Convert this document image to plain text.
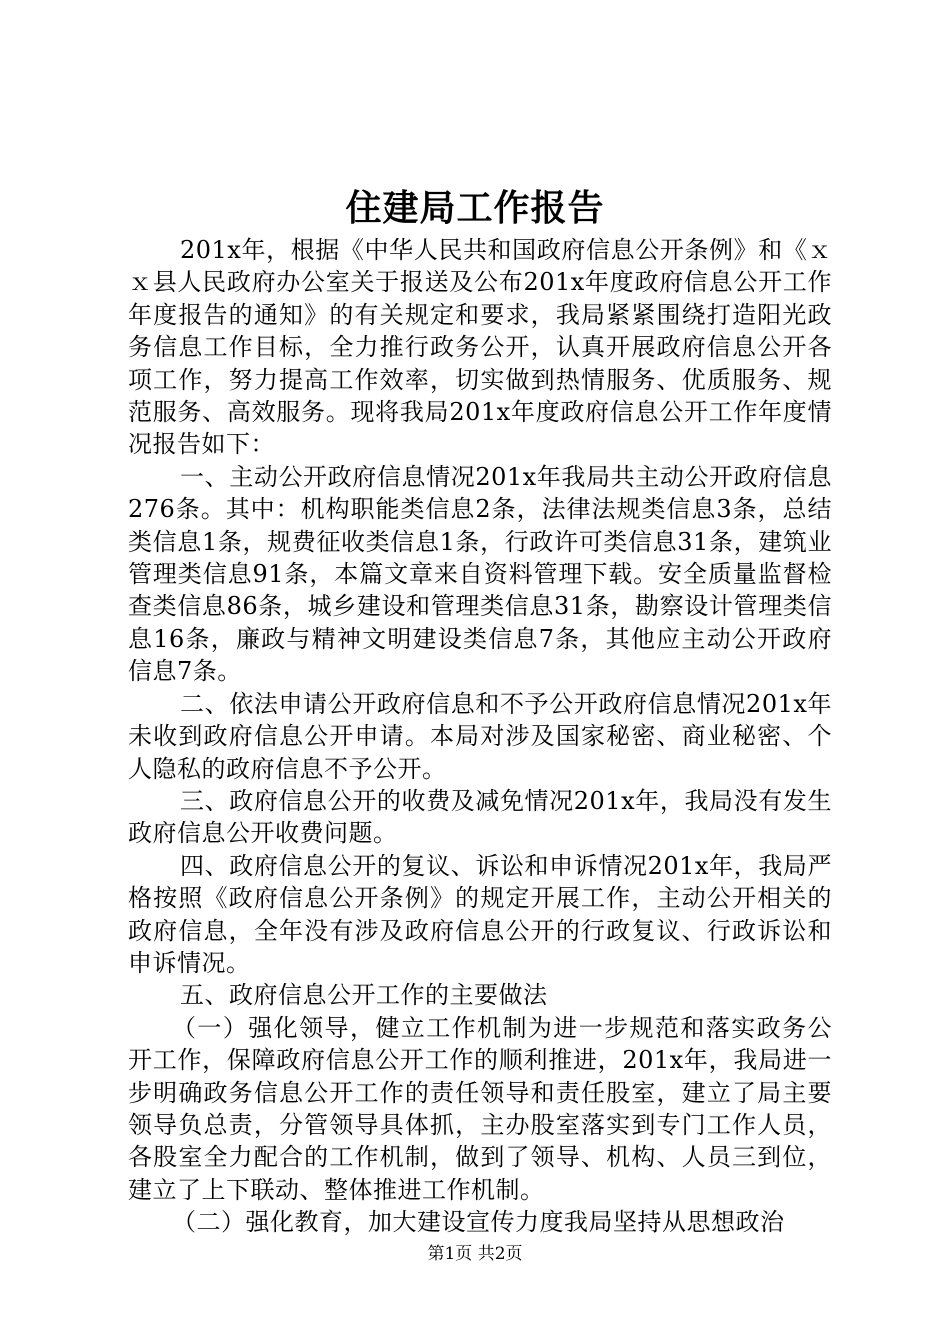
住建局工作报告

201x年，根据《中华人民共和国政府信息公开条例》和《ｘｘ县人民政府办公室关于报送及公布201x年度政府信息公开工作年度报告的通知》的有关规定和要求，我局紧紧围绕打造阳光政务信息工作目标，全力推行政务公开，认真开展政府信息公开各项工作，努力提高工作效率，切实做到热情服务、优质服务、规范服务、高效服务。现将我局201x年度政府信息公开工作年度情况报告如下：

一、主动公开政府信息情况201x年我局共主动公开政府信息276条。其中：机构职能类信息2条，法律法规类信息3条，总结类信息1条，规费征收类信息1条，行政许可类信息31条，建筑业管理类信息91条，本篇文章来自资料管理下载。安全质量监督检查类信息86条，城乡建设和管理类信息31条，勘察设计管理类信息16条，廉政与精神文明建设类信息7条，其他应主动公开政府信息7条。

二、依法申请公开政府信息和不予公开政府信息情况201x年未收到政府信息公开申请。本局对涉及国家秘密、商业秘密、个人隐私的政府信息不予公开。

三、政府信息公开的收费及减免情况201x年，我局没有发生政府信息公开收费问题。

四、政府信息公开的复议、诉讼和申诉情况201x年，我局严格按照《政府信息公开条例》的规定开展工作，主动公开相关的政府信息，全年没有涉及政府信息公开的行政复议、行政诉讼和申诉情况。

五、政府信息公开工作的主要做法

（一）强化领导，健立工作机制为进一步规范和落实政务公开工作，保障政府信息公开工作的顺利推进，201x年，我局进一步明确政务信息公开工作的责任领导和责任股室，建立了局主要领导负总责，分管领导具体抓，主办股室落实到专门工作人员，各股室全力配合的工作机制，做到了领导、机构、人员三到位，建立了上下联动、整体推进工作机制。

（二）强化教育，加大建设宣传力度我局坚持从思想政治

第1页 共2页
